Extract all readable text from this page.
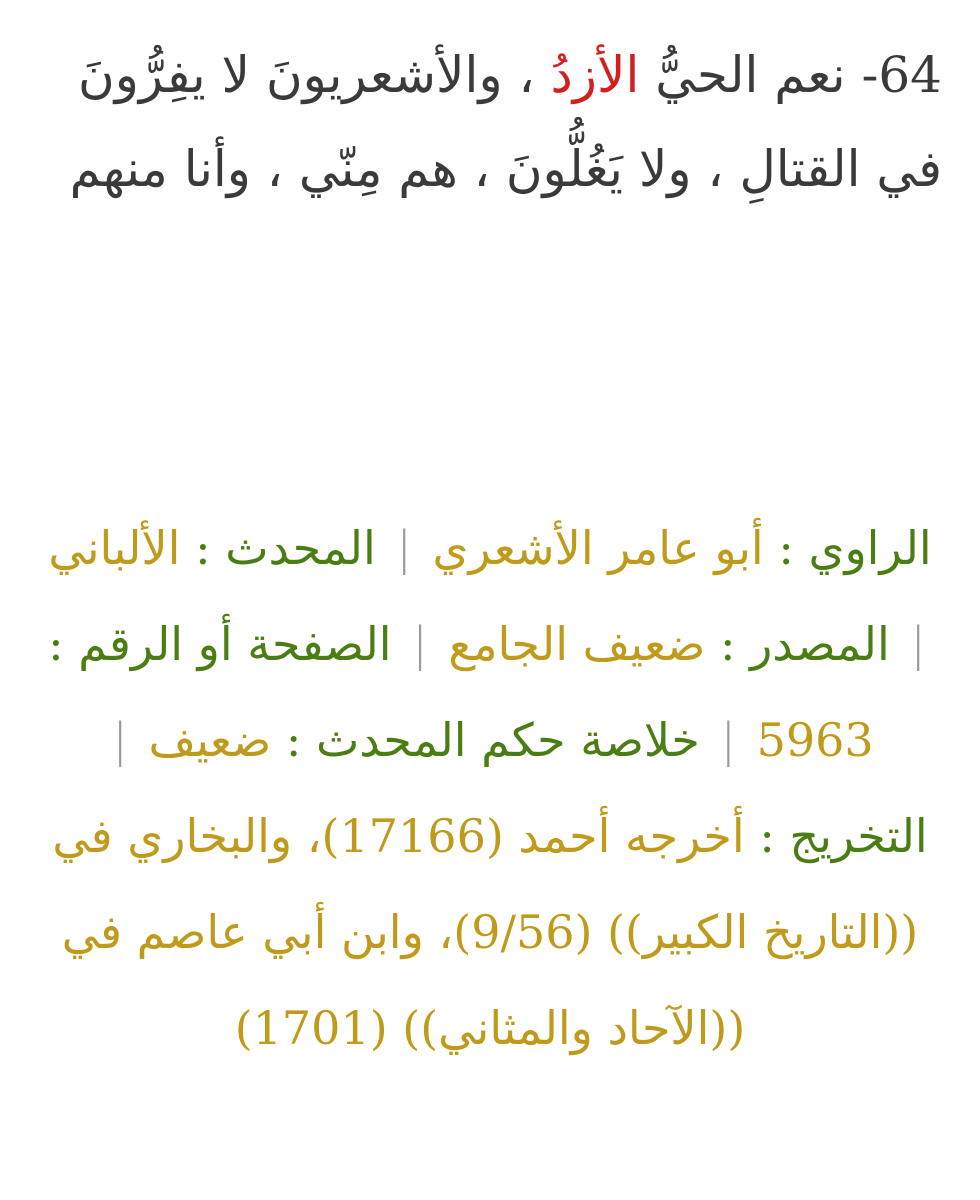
64- نعم الحيُّ الأزدُ ، والأشعريونَ لا يفِرُّونَ في القتالِ ، ولا يَغُلُّونَ ، هم مِنّي ، وأنا منهم

الراوي : أبو عامر الأشعري | المحدث : الألباني | المصدر : ضعيف الجامع | الصفحة أو الرقم : 5963 | خلاصة حكم المحدث : ضعيف | التخريج : أخرجه أحمد (17166)، والبخاري في ((التاريخ الكبير)) (9/56)، وابن أبي عاصم في ((الآحاد والمثاني)) (1701)
